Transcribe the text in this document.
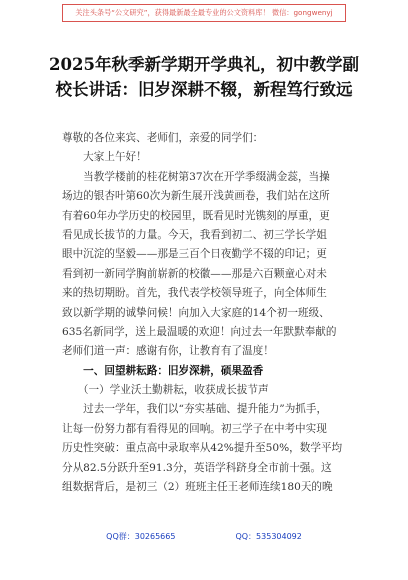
关注头条号“公文研究”，获得最新最全最专业的公文资料库！ 微信：gongwenyj
2025年秋季新学期开学典礼，初中教学副
校长讲话：旧岁深耕不辍，新程笃行致远
尊敬的各位来宾、老师们，亲爱的同学们：
　　大家上午好！
　　当教学楼前的桂花树第37次在开学季缀满金蕊，当操
场边的银杏叶第60次为新生展开浅黄画卷，我们站在这所
有着60年办学历史的校园里，既看见时光镌刻的厚重，更
看见成长拔节的力量。今天，我看到初二、初三学长学姐
眼中沉淀的坚毅——那是三百个日夜勤学不辍的印记；更
看到初一新同学胸前崭新的校徽——那是六百颗童心对未
来的热切期盼。首先，我代表学校领导班子，向全体师生
致以新学期的诚挚问候！向加入大家庭的14个初一班级、
635名新同学，送上最温暖的欢迎！向过去一年默默奉献的
老师们道一声：感谢有你，让教育有了温度！
　　一、回望耕耘路：旧岁深耕，硕果盈香
　　（一）学业沃土勤耕耘，收获成长拔节声
　　过去一学年，我们以“夯实基础、提升能力”为抓手，
让每一份努力都有看得见的回响。初三学子在中考中实现
历史性突破：重点高中录取率从42%提升至50%，数学平均
分从82.5分跃升至91.3分，英语学科跻身全市前十强。这
组数据背后，是初三（2）班班主任王老师连续180天的晚
QQ群：30265665	QQ：535304092
